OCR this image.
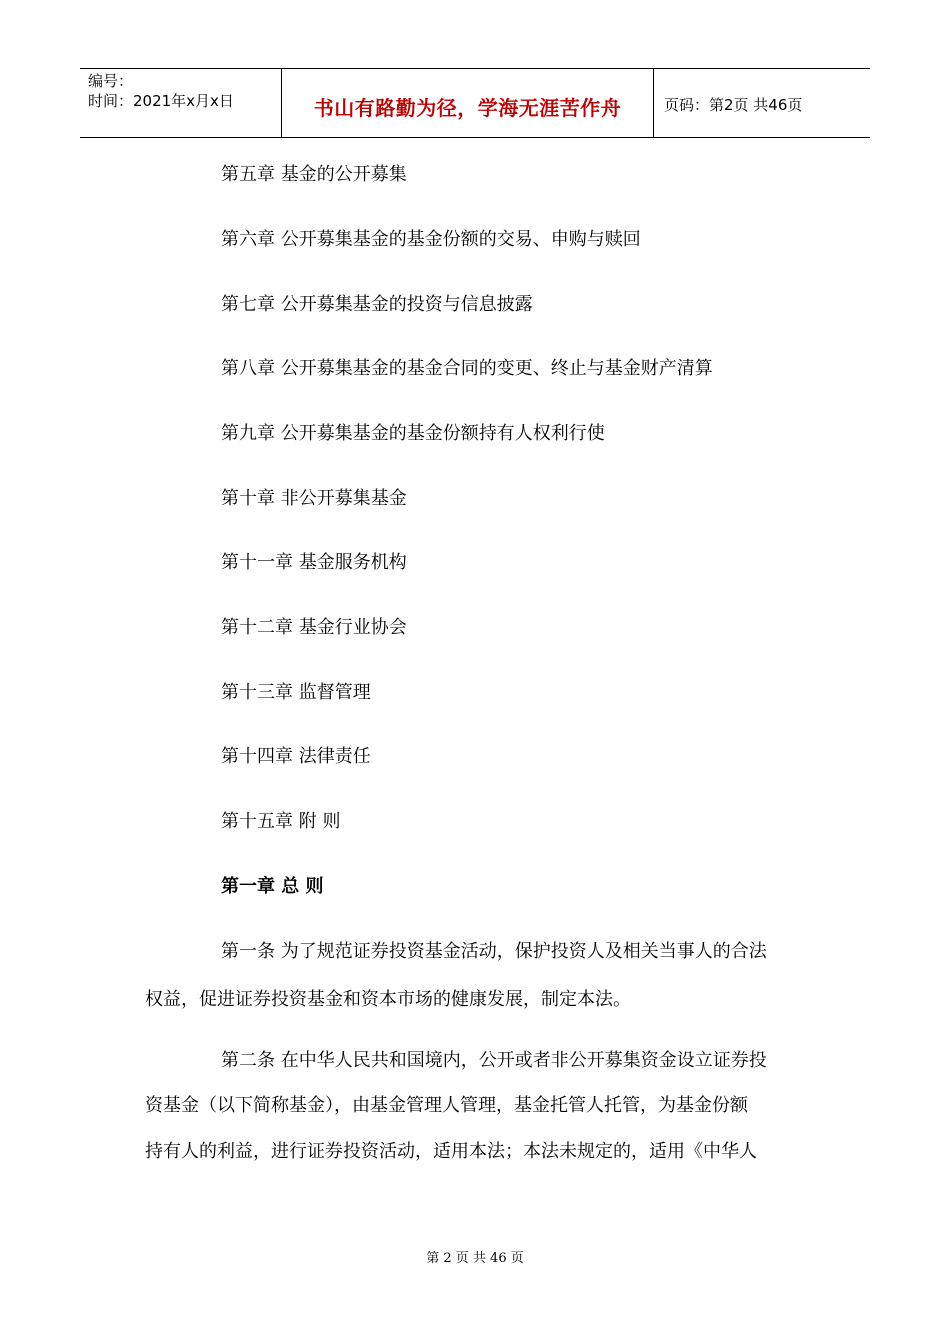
编号：
时间：2021年x月x日	书山有路勤为径，学海无涯苦作舟	页码：第2页 共46页
第五章 基金的公开募集
第六章 公开募集基金的基金份额的交易、申购与赎回
第七章 公开募集基金的投资与信息披露
第八章 公开募集基金的基金合同的变更、终止与基金财产清算
第九章 公开募集基金的基金份额持有人权利行使
第十章 非公开募集基金
第十一章 基金服务机构
第十二章 基金行业协会
第十三章 监督管理
第十四章 法律责任
第十五章 附 则
第一章 总 则
第一条 为了规范证券投资基金活动，保护投资人及相关当事人的合法
权益，促进证券投资基金和资本市场的健康发展，制定本法。
第二条 在中华人民共和国境内，公开或者非公开募集资金设立证券投
资基金（以下简称基金），由基金管理人管理，基金托管人托管，为基金份额
持有人的利益，进行证券投资活动，适用本法；本法未规定的，适用《中华人
第 2 页 共 46 页
